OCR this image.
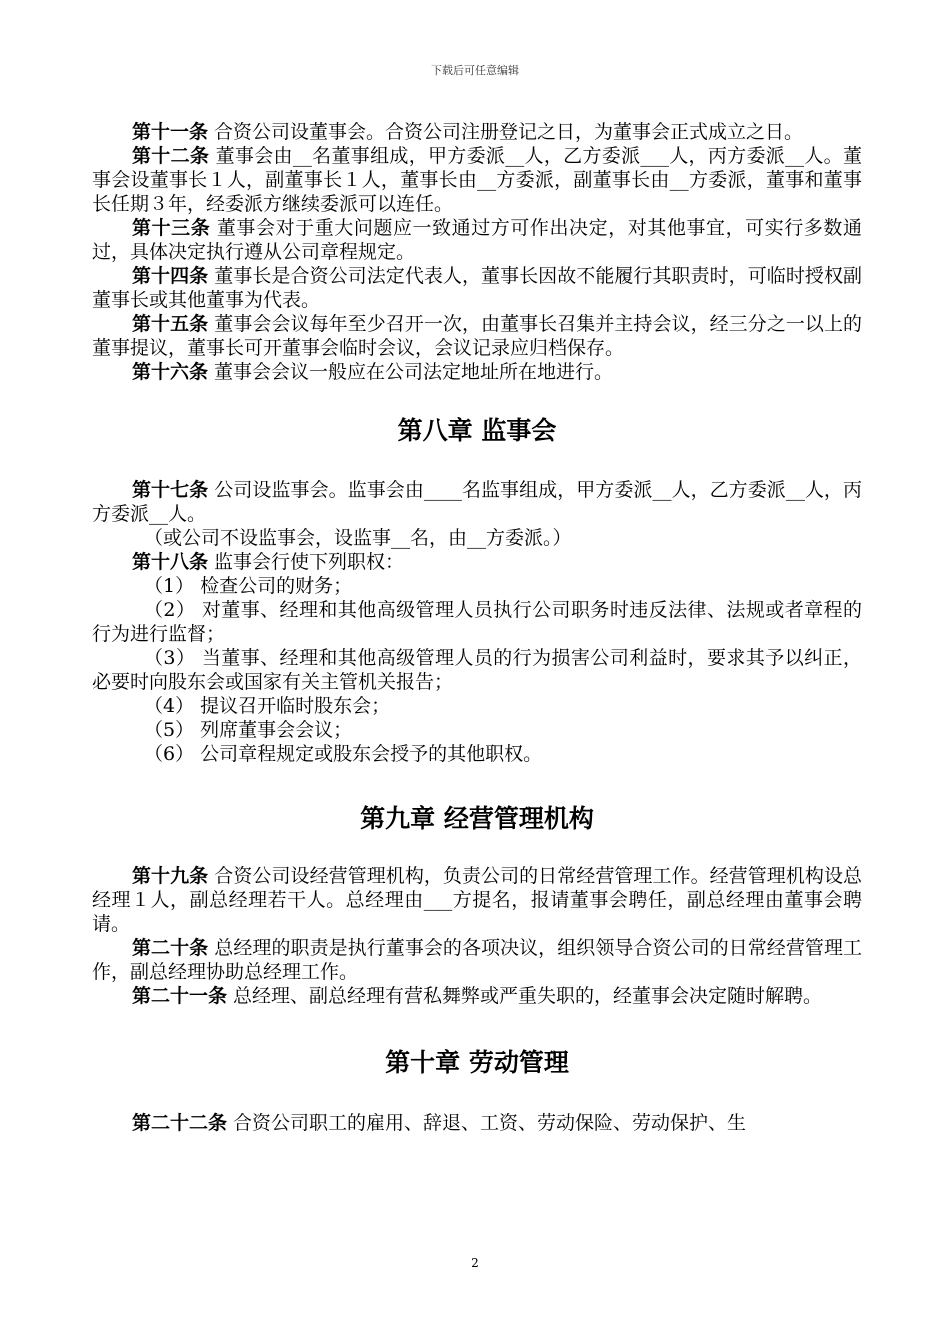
下载后可任意编辑

第十一条 合资公司设董事会。合资公司注册登记之日，为董事会正式成立之日。

第十二条 董事会由__名董事组成，甲方委派__人，乙方委派___人，丙方委派__人。董事会设董事长１人，副董事长１人，董事长由__方委派，副董事长由__方委派，董事和董事长任期３年，经委派方继续委派可以连任。

第十三条 董事会对于重大问题应一致通过方可作出决定，对其他事宜，可实行多数通过，具体决定执行遵从公司章程规定。

第十四条 董事长是合资公司法定代表人，董事长因故不能履行其职责时，可临时授权副董事长或其他董事为代表。

第十五条 董事会会议每年至少召开一次，由董事长召集并主持会议，经三分之一以上的董事提议，董事长可开董事会临时会议，会议记录应归档保存。

第十六条 董事会会议一般应在公司法定地址所在地进行。

第八章 监事会

第十七条 公司设监事会。监事会由____名监事组成，甲方委派__人，乙方委派__人，丙方委派__人。

（或公司不设监事会，设监事__名，由__方委派。）

第十八条 监事会行使下列职权：

（1） 检查公司的财务；

（2） 对董事、经理和其他高级管理人员执行公司职务时违反法律、法规或者章程的行为进行监督；

（3） 当董事、经理和其他高级管理人员的行为损害公司利益时，要求其予以纠正，必要时向股东会或国家有关主管机关报告；

（4） 提议召开临时股东会；

（5） 列席董事会会议；

（6） 公司章程规定或股东会授予的其他职权。

第九章 经营管理机构

第十九条 合资公司设经营管理机构，负责公司的日常经营管理工作。经营管理机构设总经理１人，副总经理若干人。总经理由___方提名，报请董事会聘任，副总经理由董事会聘请。

第二十条 总经理的职责是执行董事会的各项决议，组织领导合资公司的日常经营管理工作，副总经理协助总经理工作。

第二十一条 总经理、副总经理有营私舞弊或严重失职的，经董事会决定随时解聘。

第十章 劳动管理

第二十二条 合资公司职工的雇用、辞退、工资、劳动保险、劳动保护、生

2
